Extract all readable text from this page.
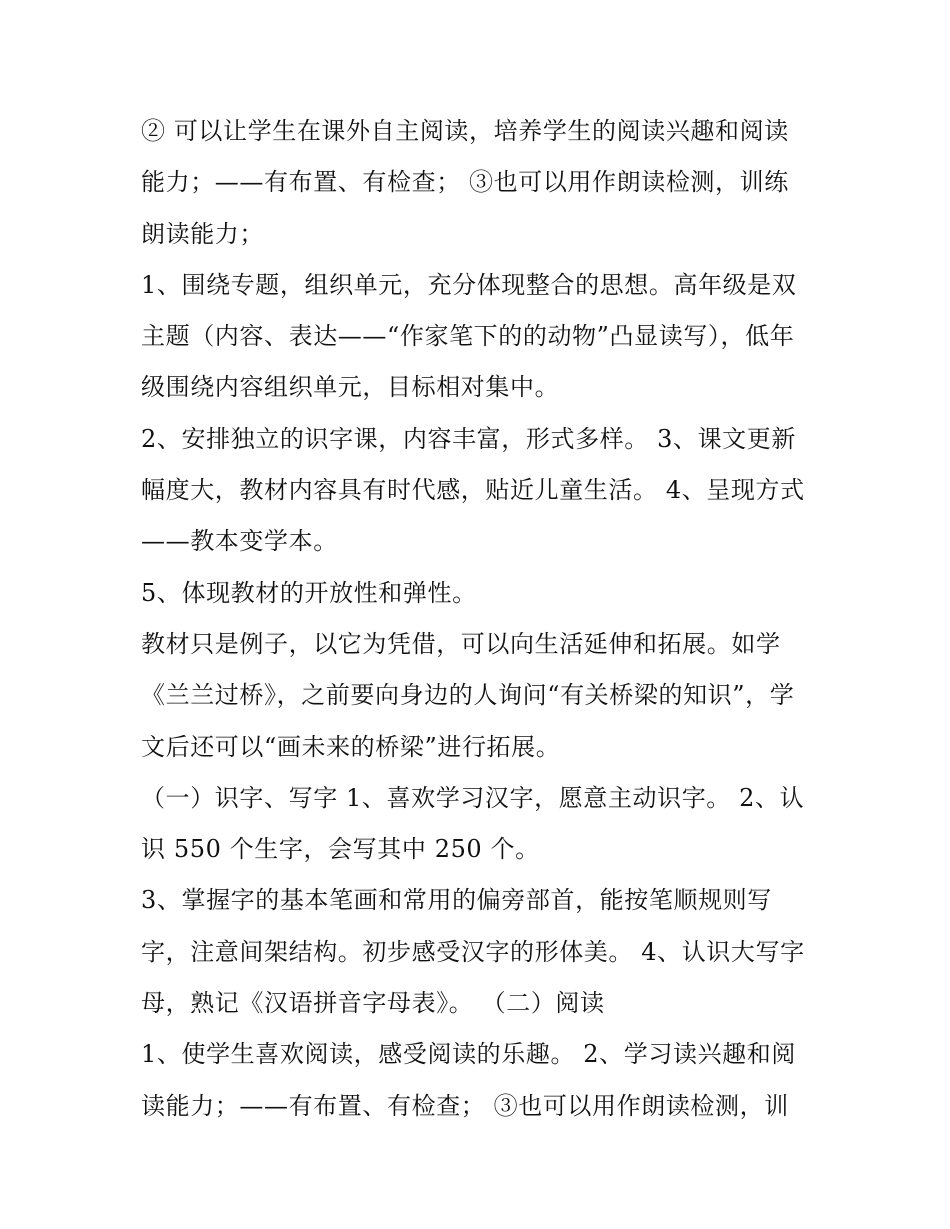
② 可以让学生在课外自主阅读，培养学生的阅读兴趣和阅读
能力；——有布置、有检查； ③也可以用作朗读检测，训练
朗读能力；
1、围绕专题，组织单元，充分体现整合的思想。高年级是双
主题（内容、表达——“作家笔下的的动物”凸显读写），低年
级围绕内容组织单元，目标相对集中。
2、安排独立的识字课，内容丰富，形式多样。 3、课文更新
幅度大，教材内容具有时代感，贴近儿童生活。 4、呈现方式
——教本变学本。
5、体现教材的开放性和弹性。
教材只是例子，以它为凭借，可以向生活延伸和拓展。如学
《兰兰过桥》，之前要向身边的人询问“有关桥梁的知识”，学
文后还可以“画未来的桥梁”进行拓展。
（一）识字、写字 1、喜欢学习汉字，愿意主动识字。 2、认
识 550 个生字，会写其中 250 个。
3、掌握字的基本笔画和常用的偏旁部首，能按笔顺规则写
字，注意间架结构。初步感受汉字的形体美。 4、认识大写字
母，熟记《汉语拼音字母表》。 （二）阅读
1、使学生喜欢阅读，感受阅读的乐趣。 2、学习读兴趣和阅
读能力；——有布置、有检查； ③也可以用作朗读检测，训
